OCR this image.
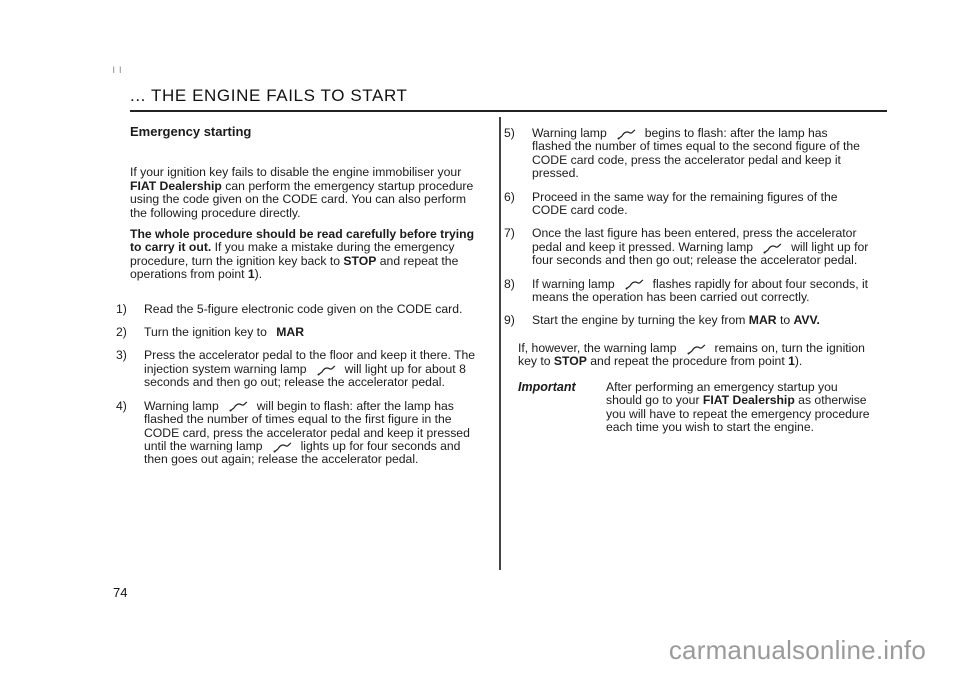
ı ı
... THE ENGINE FAILS TO START

Emergency starting

If your ignition key fails to disable the engine immobiliser your FIAT Dealership can perform the emergency startup procedure using the code given on the CODE card. You can also perform the following procedure directly.

The whole procedure should be read carefully before trying to carry it out. If you make a mistake during the emergency procedure, turn the ignition key back to STOP and repeat the operations from point 1).

1) Read the 5-figure electronic code given on the CODE card.

2) Turn the ignition key to MAR

3) Press the accelerator pedal to the floor and keep it there. The injection system warning lamp	will light up for about 8 seconds and then go out; release the accelerator pedal.

4) Warning lamp	will begin to flash: after the lamp has flashed the number of times equal to the first figure in the CODE card, press the accelerator pedal and keep it pressed until the warning lamp	lights up for four seconds and then goes out again; release the accelerator pedal.

74

5) Warning lamp	begins to flash: after the lamp has flashed the number of times equal to the second figure of the CODE card code, press the accelerator pedal and keep it pressed.

6) Proceed in the same way for the remaining figures of the CODE card code.

7) Once the last figure has been entered, press the accelerator pedal and keep it pressed. Warning lamp	will light up for four seconds and then go out; release the accelerator pedal.

8) If warning lamp	flashes rapidly for about four seconds, it means the operation has been carried out correctly.

9) Start the engine by turning the key from MAR to AVV.

If, however, the warning lamp	remains on, turn the ignition key to STOP and repeat the procedure from point 1).

Important	After performing an emergency startup you should go to your FIAT Dealership as otherwise you will have to repeat the emergency procedure each time you wish to start the engine.
carmanualsonline.info
